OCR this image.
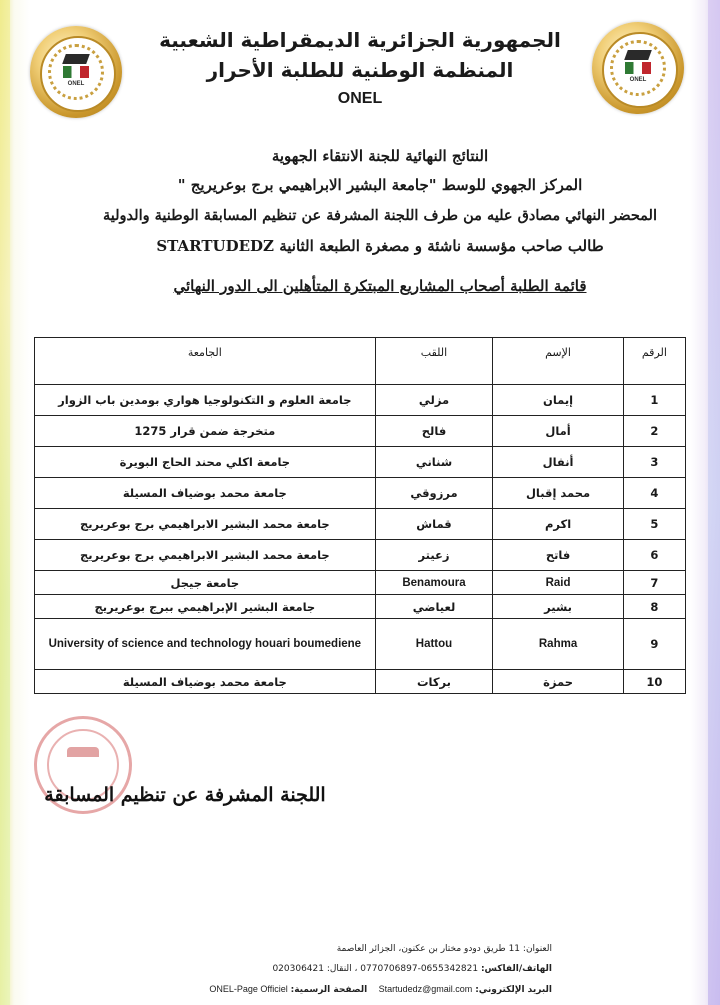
ONEL
ONEL
الجمهورية الجزائرية الديمقراطية الشعبية
المنظمة الوطنية للطلبة الأحرار
ONEL
النتائج النهائية للجنة الانتقاء الجهوية
المركز الجهوي للوسط "جامعة البشير الابراهيمي برج بوعريريج "
المحضر النهائي مصادق عليه من طرف اللجنة المشرفة عن تنظيم المسابقة الوطنية والدولية
طالب صاحب مؤسسة ناشئة و مصغرة الطبعة الثانية STARTUDEDZ
قائمة الطلبة أصحاب المشاريع المبتكرة المتأهلين الى الدور النهائي
الرقم	الإسم	اللقب	الجامعة
1	إيمان	مزلي	جامعة العلوم و التكنولوجيا هواري بومدين باب الزوار
2	أمال	فالح	متخرجة ضمن قرار 1275
3	أنفال	شناني	جامعة اكلي محند الحاج البويرة
4	محمد إقبال	مرزوقي	جامعة محمد بوضياف المسيلة
5	اكرم	قماش	جامعة محمد البشير الابراهيمي برج بوعريريج
6	فاتح	زعيتر	جامعة محمد البشير الابراهيمي برج بوعريريج
7	Raid	Benamoura	جامعة جيجل
8	بشير	لعياضي	جامعة البشير الإبراهيمي ببرج بوعريريج
9	Rahma	Hattou	University of science and technology houari boumediene
10	حمزة	بركات	جامعة محمد بوضياف المسيلة
اللجنة المشرفة عن تنظيم المسابقة
العنوان: 11 طريق دودو مختار بن عكنون، الجزائر العاصمة
الهاتف/الفاكس: 0655342821-0770706897 ، النقال: 020306421
البريد الإلكتروني: Startudedz@gmail.com    الصفحة الرسمية: ONEL-Page Officiel
